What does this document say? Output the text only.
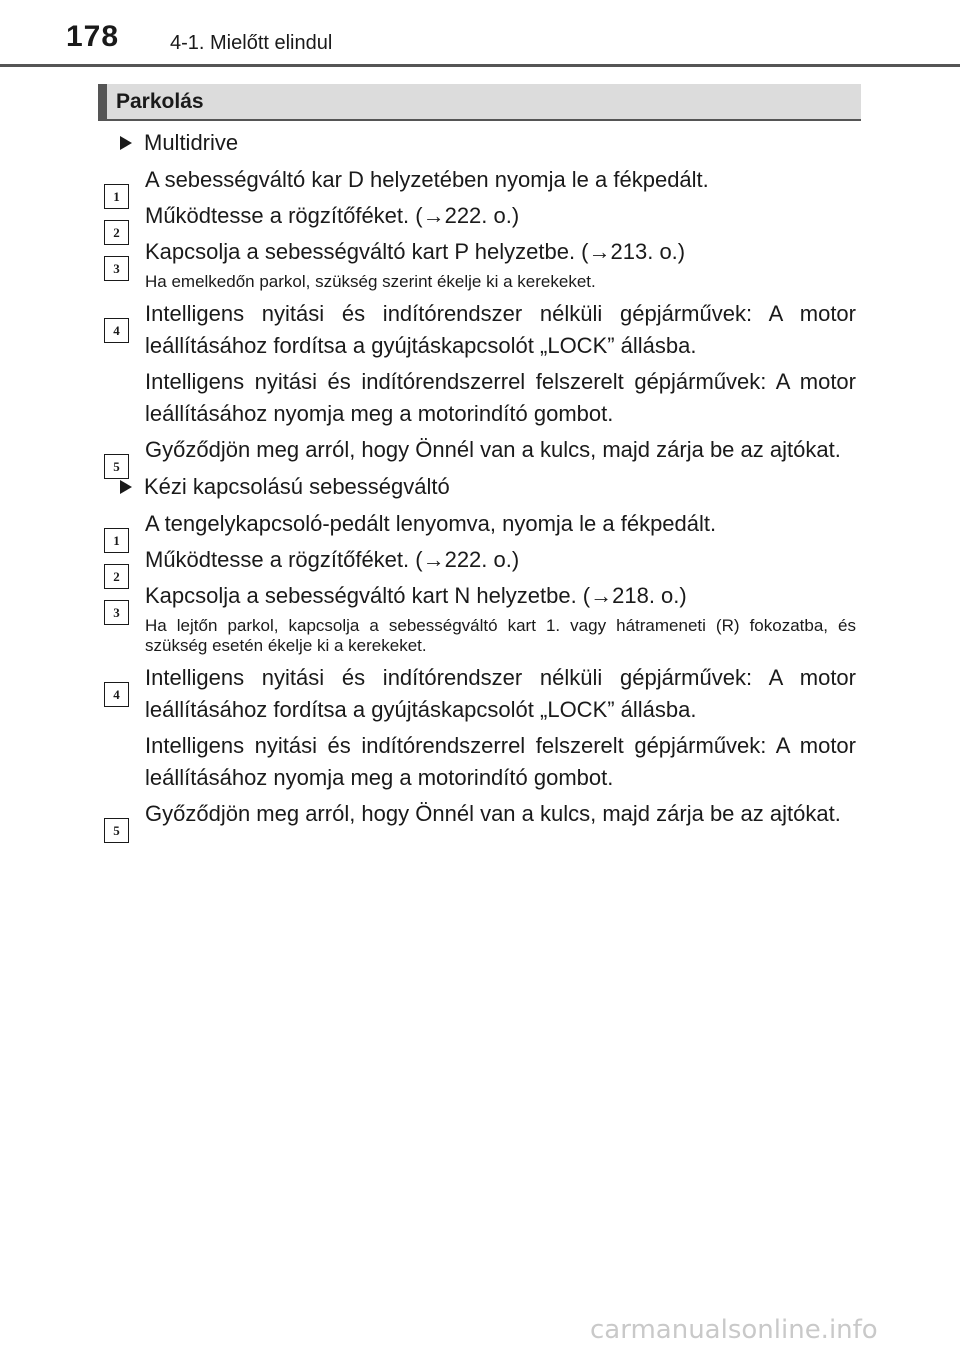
178	4-1. Mielőtt elindul
Parkolás
Multidrive
1
A sebességváltó kar D helyzetében nyomja le a fékpedált.
2
Működtesse a rögzítőféket. (→222. o.)
3
Kapcsolja a sebességváltó kart P helyzetbe. (→213. o.)
Ha emelkedőn parkol, szükség szerint ékelje ki a kerekeket.
4
Intelligens nyitási és indítórendszer nélküli gépjárművek: A motor leállításához fordítsa a gyújtáskapcsolót „LOCK” állásba.
Intelligens nyitási és indítórendszerrel felszerelt gépjárművek: A motor leállításához nyomja meg a motorindító gombot.
5
Győződjön meg arról, hogy Önnél van a kulcs, majd zárja be az ajtókat.
Kézi kapcsolású sebességváltó
1
A tengelykapcsoló-pedált lenyomva, nyomja le a fékpedált.
2
Működtesse a rögzítőféket. (→222. o.)
3
Kapcsolja a sebességváltó kart N helyzetbe. (→218. o.)
Ha lejtőn parkol, kapcsolja a sebességváltó kart 1. vagy hátrameneti (R) fokozatba, és szükség esetén ékelje ki a kerekeket.
4
Intelligens nyitási és indítórendszer nélküli gépjárművek: A motor leállításához fordítsa a gyújtáskapcsolót „LOCK” állásba.
Intelligens nyitási és indítórendszerrel felszerelt gépjárművek: A motor leállításához nyomja meg a motorindító gombot.
5
Győződjön meg arról, hogy Önnél van a kulcs, majd zárja be az ajtókat.
carmanualsonline.info
